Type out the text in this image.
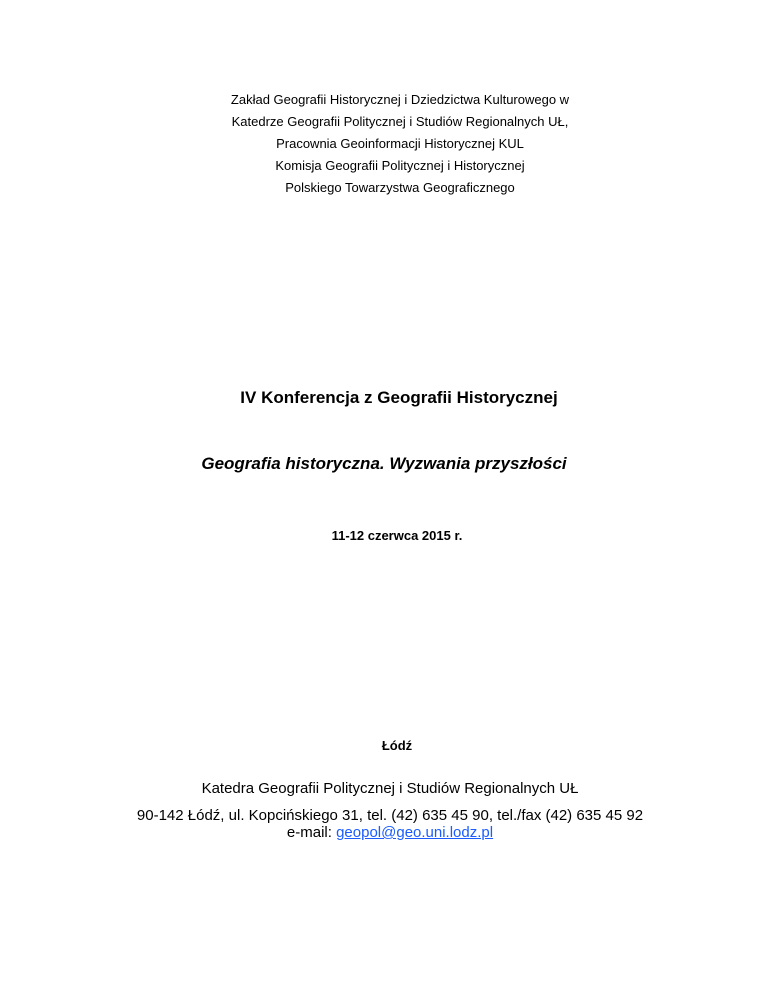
Zakład Geografii Historycznej i Dziedzictwa Kulturowego w
Katedrze Geografii Politycznej i Studiów Regionalnych UŁ,
Pracownia Geoinformacji Historycznej KUL
Komisja Geografii Politycznej i Historycznej
Polskiego Towarzystwa Geograficznego
IV Konferencja z Geografii Historycznej
Geografia historyczna. Wyzwania przyszłości
11-12 czerwca 2015 r.
Łódź
Katedra Geografii Politycznej i Studiów Regionalnych UŁ
90-142 Łódź, ul. Kopcińskiego 31, tel. (42) 635 45 90, tel./fax (42) 635 45 92
e-mail: geopol@geo.uni.lodz.pl
